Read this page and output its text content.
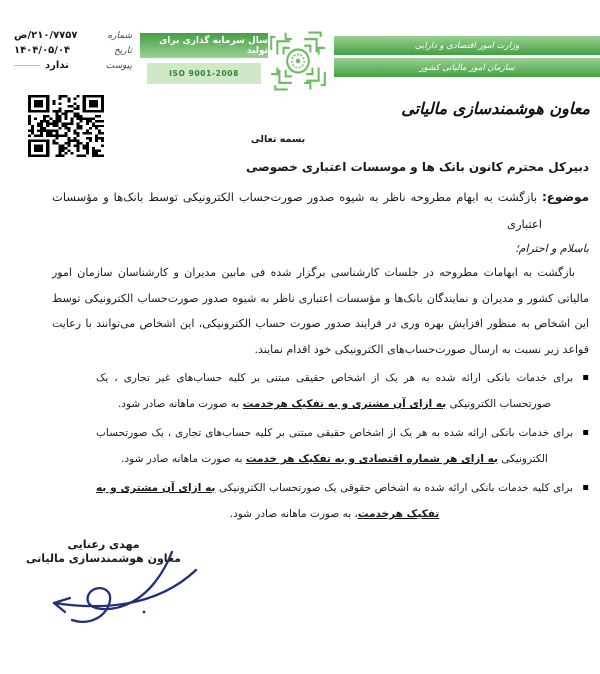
شماره
۲۱۰/۷۷۵۷/ص
تاریخ
۱۴۰۴/۰۵/۰۴
پیوست
ندارد
سال سرمایه گذاری برای تولید
ISO 9001-2008
وزارت امور اقتصادی و دارایی
سازمان امور مالیاتی کشور
معاون هوشمندسازی مالیاتی
بسمه تعالی
دبیرکل محترم کانون بانک ها و موسسات اعتباری خصوصی
موضوع: بازگشت به ابهام مطروحه ناظر به شیوه صدور صورت‌حساب الکترونیکی توسط بانک‌ها و مؤسسات اعتباری
باسلام و احترام؛

بازگشت به ابهامات مطروحه در جلسات کارشناسی برگزار شده فی مابین مدیران و کارشناسان سازمان امور مالیاتی کشور و مدیران و نمایندگان بانک‌ها و مؤسسات اعتباری ناظر به شیوه صدور صورت‌حساب الکترونیکی توسط این اشخاص به منظور افزایش بهره وری در فرایند صدور صورت حساب الکترونیکی، این اشخاص می‌توانند با رعایت قواعد زیر نسبت به ارسال صورت‌حساب‌های الکترونیکی خود اقدام نمایند.

▪ برای خدمات بانکی ارائه شده به هر یک از اشخاص حقیقی مبتنی بر کلیه حساب‌های غیر تجاری ، یک صورتحساب الکترونیکی به ازای آن مشتری و به تفکیک هرخدمت به صورت ماهانه صادر شود.
▪ برای خدمات بانکی ارائه شده به هر یک از اشخاص حقیقی مبتنی بر کلیه حساب‌های تجاری ، یک صورتحساب الکترونیکی به ازای هر شماره اقتصادی و به تفکیک هر خدمت به صورت ماهانه صادر شود.
▪ برای کلیه خدمات بانکی ارائه شده به اشخاص حقوقی یک صورتحساب الکترونیکی به ازای آن مشتری و به تفکیک هرخدمت، به صورت ماهانه صادر شود.
مهدی رعنایی
معاون هوشمندسازی مالیاتی
